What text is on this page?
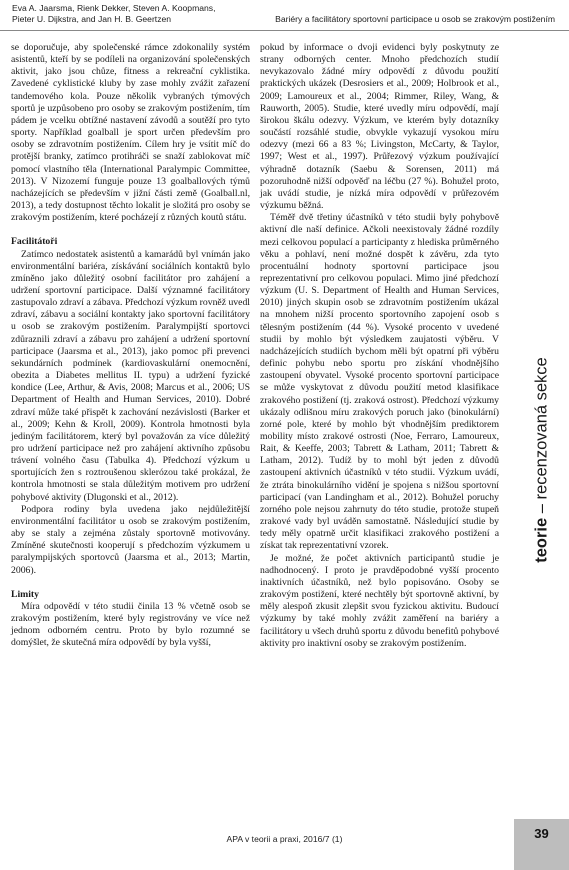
Eva A. Jaarsma, Rienk Dekker, Steven A. Koopmans,
Pieter U. Dijkstra, and Jan H. B. Geertzen	Bariéry a facilitátory sportovní participace u osob se zrakovým postižením

se doporučuje, aby společenské rámce zdokonalily systém asistentů, kteří by se podíleli na organizování společenských aktivit, jako jsou chůze, fitness a rekreační cyklistika. Zavedené cyklistické kluby by zase mohly zvážit zařazení tandemového kola. Pouze několik vybraných týmových sportů je uzpůsobeno pro osoby se zrakovým postižením, tím pádem je vcelku obtížné nastavení závodů a soutěží pro tyto sporty. Například goalball je sport určen především pro osoby se zdravotním postižením. Cílem hry je vsítit míč do protější branky, zatímco protihráči se snaží zablokovat míč pomocí vlastního těla (International Paralympic Committee, 2013). V Nizozemí funguje pouze 13 goalballových týmů nacházejících se především v jižní části země (Goalball.nl, 2013), a tedy dostupnost těchto lokalit je složitá pro osoby se zrakovým postižením, které pocházejí z různých koutů státu.

Facilitátoři

Zatímco nedostatek asistentů a kamarádů byl vnímán jako environmentální bariéra, získávání sociálních kontaktů bylo zmíněno jako důležitý osobní facilitátor pro zahájení a udržení sportovní participace. Další významné facilitátory zastupovalo zdraví a zábava. Předchozí výzkum rovněž uvedl zdraví, zábavu a sociální kontakty jako sportovní facilitátory u osob se zrakovým postižením. Paralympijští sportovci zdůraznili zdraví a zábavu pro zahájení a udržení sportovní participace (Jaarsma et al., 2013), jako pomoc při prevenci sekundárních podmínek (kardiovaskulární onemocnění, obezita a Diabetes mellitus II. typu) a udržení fyzické kondice (Lee, Arthur, & Avis, 2008; Marcus et al., 2006; US Department of Health and Human Services, 2010). Dobré zdraví může také přispět k zachování nezávislosti (Barker et al., 2009; Kehn & Kroll, 2009). Kontrola hmotnosti byla jediným facilitátorem, který byl považován za více důležitý pro udržení participace než pro zahájení aktivního způsobu trávení volného času (Tabulka 4). Předchozí výzkum u sportujících žen s roztroušenou sklerózou také prokázal, že kontrola hmotnosti se stala důležitým motivem pro udržení pohybové aktivity (Dlugonski et al., 2012).

Podpora rodiny byla uvedena jako nejdůležitější environmentální facilitátor u osob se zrakovým postižením, aby se staly a zejména zůstaly sportovně motivovány. Zmíněné skutečnosti kooperují s předchozím výzkumem u paralympijských sportovců (Jaarsma et al., 2013; Martin, 2006).

Limity

Míra odpovědí v této studii činila 13 % včetně osob se zrakovým postižením, které byly registrovány ve více než jednom odborném centru. Proto by bylo rozumné se domýšlet, že skutečná míra odpovědí by byla vyšší,

pokud by informace o dvoji evidenci byly poskytnuty ze strany odborných center. Mnoho předchozích studií nevykazovalo žádné míry odpovědí z důvodu použití praktických ukázek (Desrosiers et al., 2009; Holbrook et al., 2009; Lamoureux et al., 2004; Rimmer, Riley, Wang, & Rauworth, 2005). Studie, které uvedly míru odpovědí, mají širokou škálu odezvy. Výzkum, ve kterém byly dotazníky součástí rozsáhlé studie, obvykle vykazují vysokou míru odezvy (mezi 66 a 83 %; Livingston, McCarty, & Taylor, 1997; West et al., 1997). Průřezový výzkum používající výhradně dotazník (Saebu & Sorensen, 2011) má pozoruhodně nižší odpověď na léčbu (27 %). Bohužel proto, jak uvádí studie, je nízká míra odpovědí v průřezovém výzkumu běžná.

Téměř dvě třetiny účastníků v této studii byly pohybově aktivní dle naší definice. Ačkoli neexistovaly žádné rozdíly mezi celkovou populací a participanty z hlediska průměrného věku a pohlaví, není možné dospět k závěru, zda tyto procentuální hodnoty sportovní participace jsou reprezentativní pro celkovou populaci. Mimo jiné předchozí výzkum (U. S. Department of Health and Human Services, 2010) jiných skupin osob se zdravotním postižením ukázal na mnohem nižší procento sportovního zapojení osob s tělesným postižením (44 %). Vysoké procento v uvedené studii by mohlo být výsledkem zaujatosti výběru. V nadcházejících studiích bychom měli být opatrní při výběru definic pohybu nebo sportu pro získání vhodnějšího zastoupení obyvatel. Vysoké procento sportovní participace se může vyskytovat z důvodu použití metod klasifikace zrakového postižení (tj. zraková ostrost). Předchozí výzkumy ukázaly odlišnou míru zrakových poruch jako (binokulární) zorné pole, které by mohlo být vhodnějším prediktorem mobility místo zrakové ostrosti (Noe, Ferraro, Lamoureux, Rait, & Keeffe, 2003; Tabrett & Latham, 2011; Tabrett & Latham, 2012). Tudíž by to mohl být jeden z důvodů zastoupení aktivních účastníků v této studii. Výzkum uvádí, že ztráta binokulárního vidění je spojena s nižšou sportovní participací (van Landingham et al., 2012). Bohužel poruchy zorného pole nejsou zahrnuty do této studie, protože stupeň zrakové vady byl uváděn samostatně. Následující studie by tedy měly opatrně určit klasifikaci zrakového postižení a získat tak reprezentativní vzorek.

Je možné, že počet aktivních participantů studie je nadhodnocený. I proto je pravděpodobné vyšší procento inaktivních účastníků, než bylo popisováno. Osoby se zrakovým postižení, které nechtěly být sportovně aktivní, by měly alespoň zkusit zlepšit svou fyzickou aktivitu. Budoucí výzkumy by také mohly zvážit zaměření na bariéry a facilitátory u všech druhů sportu z důvodu benefitů pohybové aktivity pro inaktivní osoby se zrakovým postižením.

teorie – recenzovaná sekce
39
APA v teorii a praxi, 2016/7 (1)
